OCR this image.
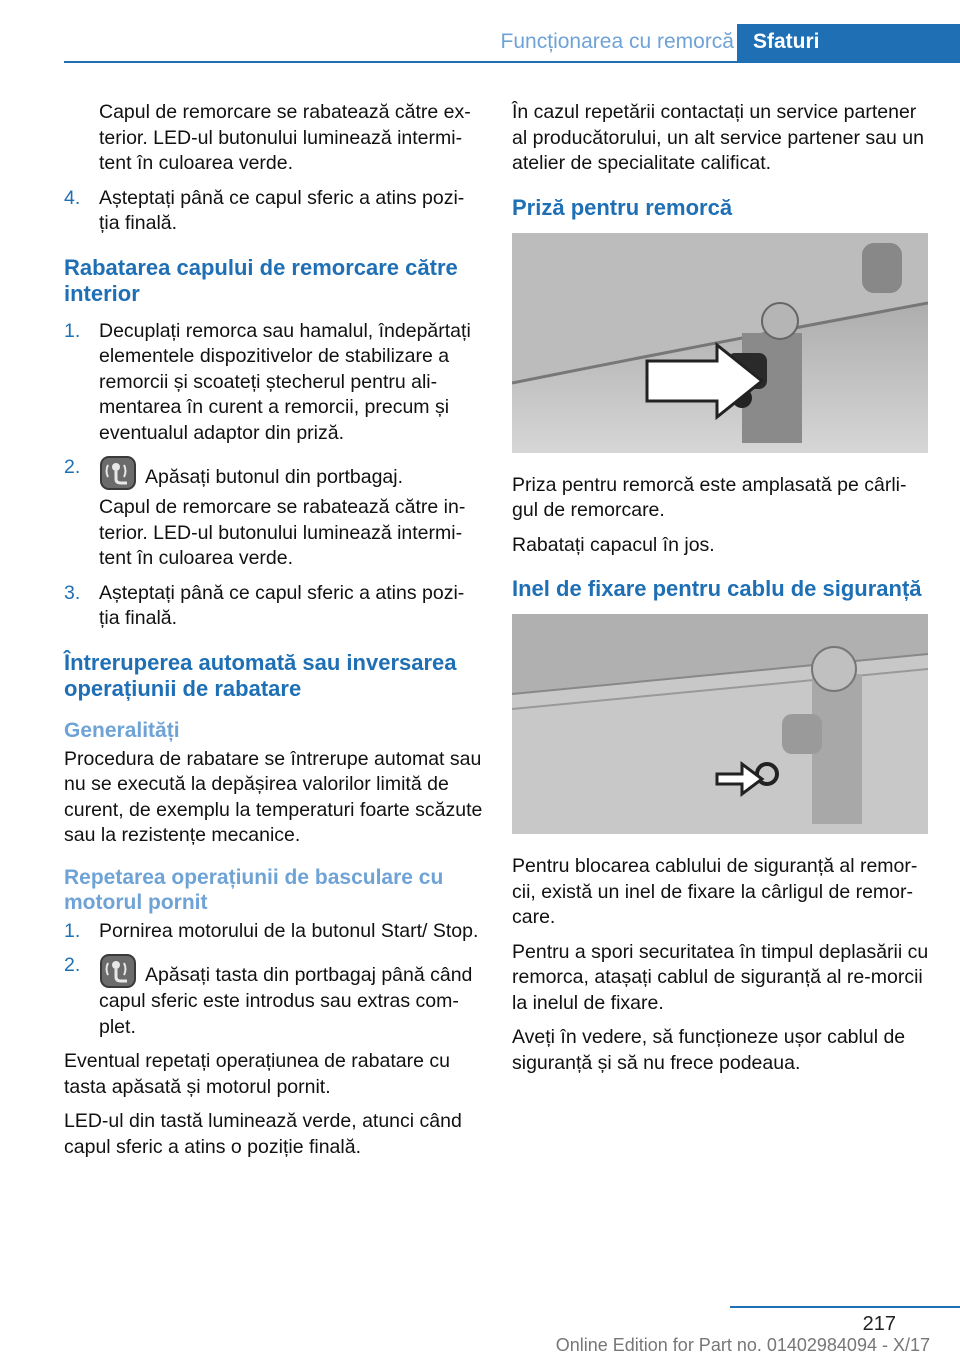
Funcționarea cu remorcă Sfaturi

Capul de remorcare se rabatează către ex-terior. LED-ul butonului luminează intermi-tent în culoarea verde.

4. Așteptați până ce capul sferic a atins pozi-ția finală.
Rabatarea capului de remorcare către interior
1. Decuplați remorca sau hamalul, îndepărtați elementele dispozitivelor de stabilizare a remorcii și scoateți ștecherul pentru ali-mentarea în curent a remorcii, precum și eventualul adaptor din priză.
2.	Apăsați butonul din portbagaj.
Capul de remorcare se rabatează către in-terior. LED-ul butonului luminează intermi-tent în culoarea verde.
3. Așteptați până ce capul sferic a atins pozi-ția finală.
Întreruperea automată sau inversarea operațiunii de rabatare
Generalități

Procedura de rabatare se întrerupe automat sau nu se execută la depășirea valorilor limită de curent, de exemplu la temperaturi foarte scăzute sau la rezistențe mecanice.

Repetarea operațiunii de basculare cu motorul pornit
1. Pornirea motorului de la butonul Start/ Stop.
2.	Apăsați tasta din portbagaj până când capul sferic este introdus sau extras com-plet.

Eventual repetați operațiunea de rabatare cu tasta apăsată și motorul pornit.

LED-ul din tastă luminează verde, atunci când capul sferic a atins o poziție finală.

În cazul repetării contactați un service partener al producătorului, un alt service partener sau un atelier de specialitate calificat.

Priză pentru remorcă

Priza pentru remorcă este amplasată pe cârli-gul de remorcare.

Rabatați capacul în jos.

Inel de fixare pentru cablu de siguranță

Pentru blocarea cablului de siguranță al remor-cii, există un inel de fixare la cârligul de remor-care.

Pentru a spori securitatea în timpul deplasării cu remorca, atașați cablul de siguranță al re-morcii la inelul de fixare.

Aveți în vedere, să funcționeze ușor cablul de siguranță și să nu frece podeaua.

217
Online Edition for Part no. 01402984094 - X/17
